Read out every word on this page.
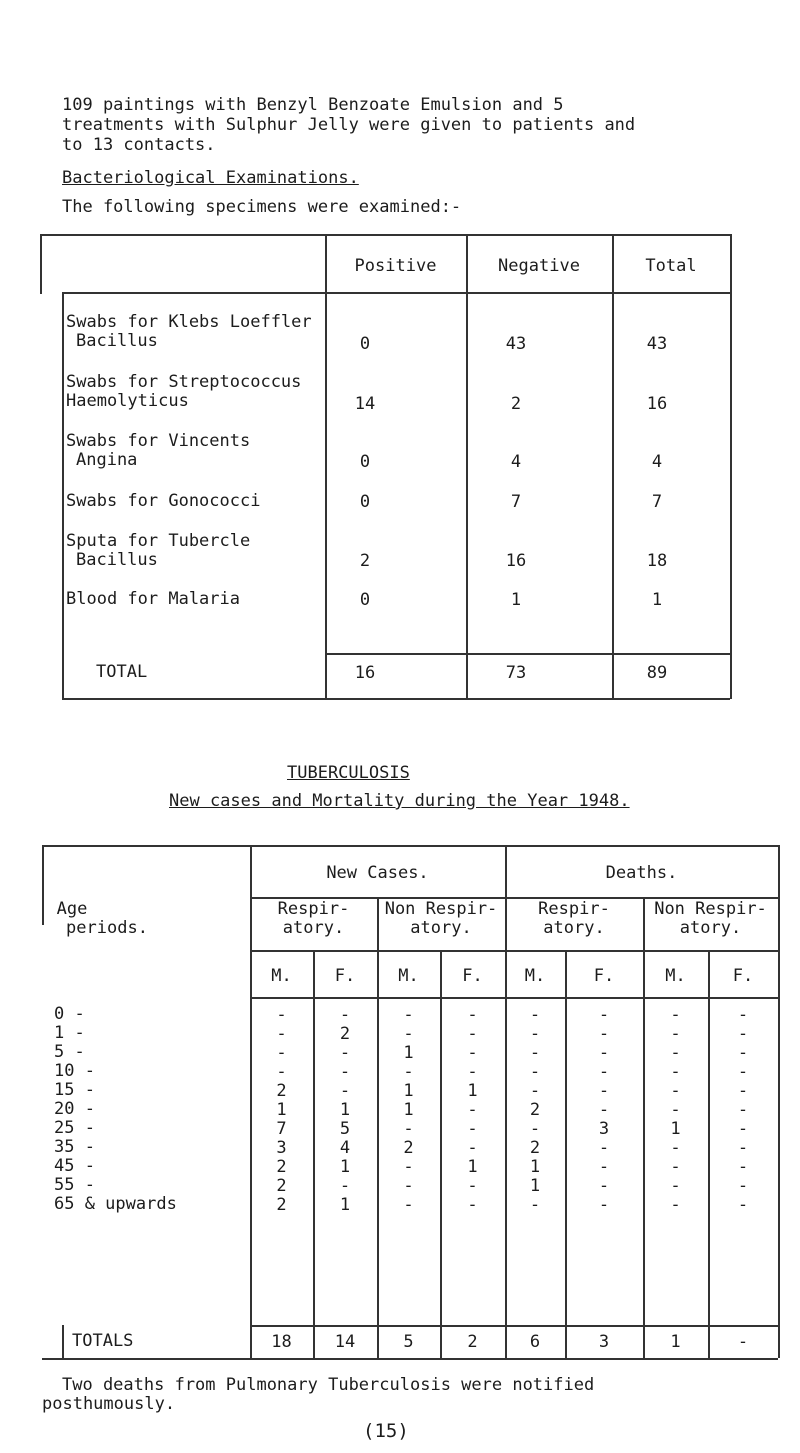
109 paintings with Benzyl Benzoate Emulsion and 5
treatments with Sulphur Jelly were given to patients and
to 13 contacts.
Bacteriological Examinations.
The following specimens were examined:-
Positive	Negative	Total
Swabs for Klebs Loeffler
Bacillus	0	43	43
Swabs for Streptococcus
Haemolyticus	14	2	16
Swabs for Vincents
Angina	0	4	4
Swabs for Gonococci	0	7	7
Sputa for Tubercle
Bacillus	2	16	18
Blood for Malaria	0	1	1
TOTAL	16	73	89
TUBERCULOSIS
New cases and Mortality during the Year 1948.
Age
periods.
New Cases.	Deaths.
Respir-
atory.
Non Respir-
atory.
Respir-
atory.
Non Respir-
atory.
M.	F.	M.	F.	M.	F.	M.	F.
0 -	-	-	-	-	-	-	-	-
1 -	-	2	-	-	-	-	-	-
5 -	-	-	1	-	-	-	-	-
10 -	-	-	-	-	-	-	-	-
15 -	2	-	1	1	-	-	-	-
20 -	1	1	1	-	2	-	-	-
25 -	7	5	-	-	-	3	1	-
35 -	3	4	2	-	2	-	-	-
45 -	2	1	-	1	1	-	-	-
55 -	2	-	-	-	1	-	-	-
65 & upwards	2	1	-	-	-	-	-	-
TOTALS	18	14	5	2	6	3	1	-
Two deaths from Pulmonary Tuberculosis were notified
posthumously.
(15)
